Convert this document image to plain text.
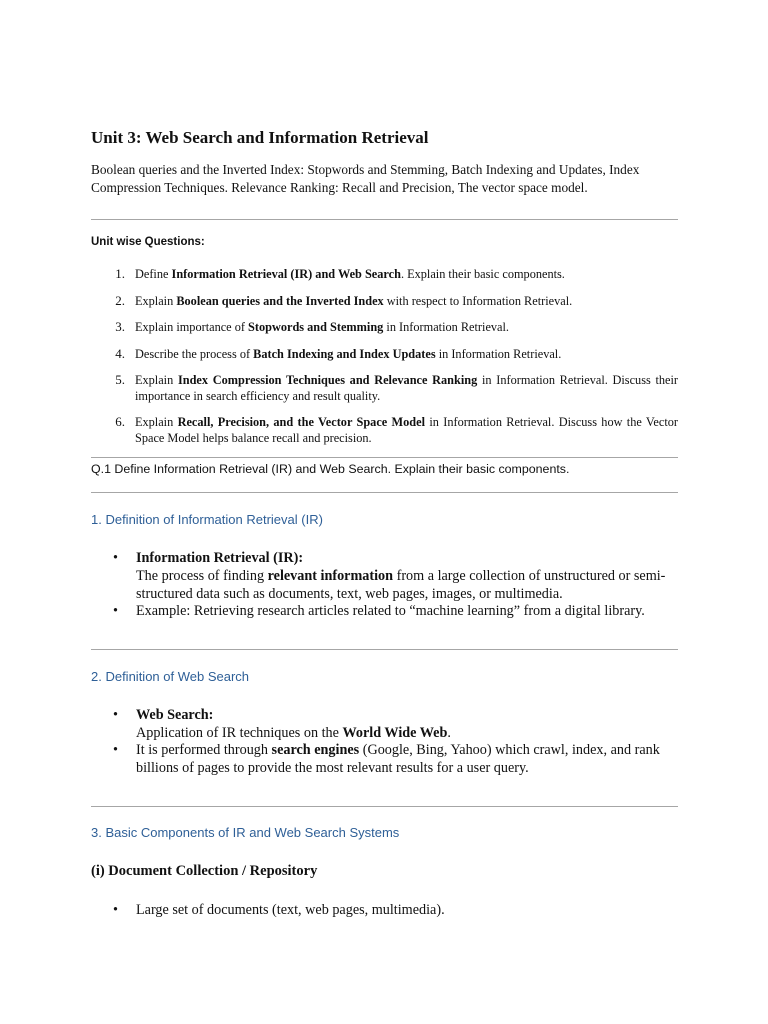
Unit 3: Web Search and Information Retrieval

Boolean queries and the Inverted Index: Stopwords and Stemming, Batch Indexing and Updates, Index Compression Techniques. Relevance Ranking: Recall and Precision, The vector space model.

Unit wise Questions:

1. Define Information Retrieval (IR) and Web Search. Explain their basic components.
2. Explain Boolean queries and the Inverted Index with respect to Information Retrieval.
3. Explain importance of Stopwords and Stemming in Information Retrieval.
4. Describe the process of Batch Indexing and Index Updates in Information Retrieval.
5. Explain Index Compression Techniques and Relevance Ranking in Information Retrieval. Discuss their importance in search efficiency and result quality.
6. Explain Recall, Precision, and the Vector Space Model in Information Retrieval. Discuss how the Vector Space Model helps balance recall and precision.

Q.1 Define Information Retrieval (IR) and Web Search. Explain their basic components.

1. Definition of Information Retrieval (IR)

• Information Retrieval (IR):
The process of finding relevant information from a large collection of unstructured or semi-structured data such as documents, text, web pages, images, or multimedia.
• Example: Retrieving research articles related to “machine learning” from a digital library.

2. Definition of Web Search

• Web Search:
Application of IR techniques on the World Wide Web.
• It is performed through search engines (Google, Bing, Yahoo) which crawl, index, and rank billions of pages to provide the most relevant results for a user query.

3. Basic Components of IR and Web Search Systems

(i) Document Collection / Repository

• Large set of documents (text, web pages, multimedia).
